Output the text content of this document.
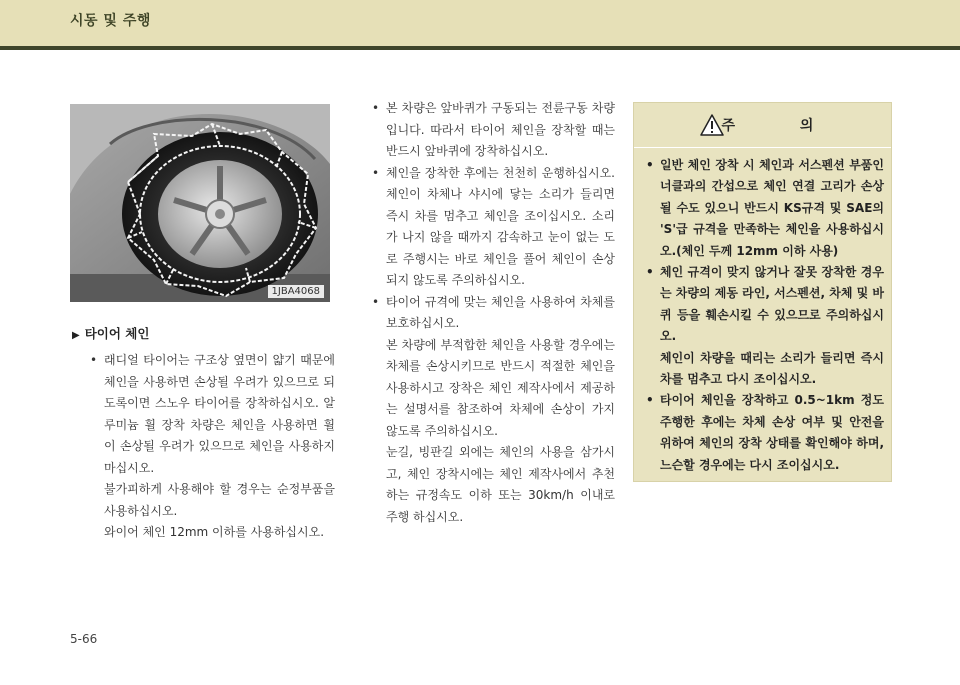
시동 및 주행
1JBA4068
▶ 타이어 체인
• 래디얼 타이어는 구조상 옆면이 얇기 때문에 체인을 사용하면 손상될 우려가 있으므로 되도록이면 스노우 타이어를 장착하십시오. 알루미늄 휠 장착 차량은 체인을 사용하면 휠이 손상될 우려가 있으므로 체인을 사용하지 마십시오.
불가피하게 사용해야 할 경우는 순정부품을 사용하십시오.
와이어 체인 12mm 이하를 사용하십시오.
• 본 차량은 앞바퀴가 구동되는 전륜구동 차량입니다. 따라서 타이어 체인을 장착할 때는 반드시 앞바퀴에 장착하십시오.
• 체인을 장착한 후에는 천천히 운행하십시오. 체인이 차체나 샤시에 닿는 소리가 들리면 즉시 차를 멈추고 체인을 조이십시오. 소리가 나지 않을 때까지 감속하고 눈이 없는 도로 주행시는 바로 체인을 풀어 체인이 손상되지 않도록 주의하십시오.
• 타이어 규격에 맞는 체인을 사용하여 차체를 보호하십시오.
본 차량에 부적합한 체인을 사용할 경우에는 차체를 손상시키므로 반드시 적절한 체인을 사용하시고 장착은 체인 제작사에서 제공하는 설명서를 참조하여 차체에 손상이 가지 않도록 주의하십시오.
눈길, 빙판길 외에는 체인의 사용을 삼가시고, 체인 장착시에는 체인 제작사에서 추천하는 규정속도 이하 또는 30km/h 이내로 주행 하십시오.
주 의
• 일반 체인 장착 시 체인과 서스펜션 부품인 너클과의 간섭으로 체인 연결 고리가 손상될 수도 있으니 반드시 KS규격 및 SAE의 'S'급 규격을 만족하는 체인을 사용하십시오.(체인 두께 12mm 이하 사용)
• 체인 규격이 맞지 않거나 잘못 장착한 경우는 차량의 제동 라인, 서스펜션, 차체 및 바퀴 등을 훼손시킬 수 있으므로 주의하십시오.
체인이 차량을 때리는 소리가 들리면 즉시 차를 멈추고 다시 조이십시오.
• 타이어 체인을 장착하고 0.5~1km 정도 주행한 후에는 차체 손상 여부 및 안전을 위하여 체인의 장착 상태를 확인해야 하며, 느슨할 경우에는 다시 조이십시오.
5-66
